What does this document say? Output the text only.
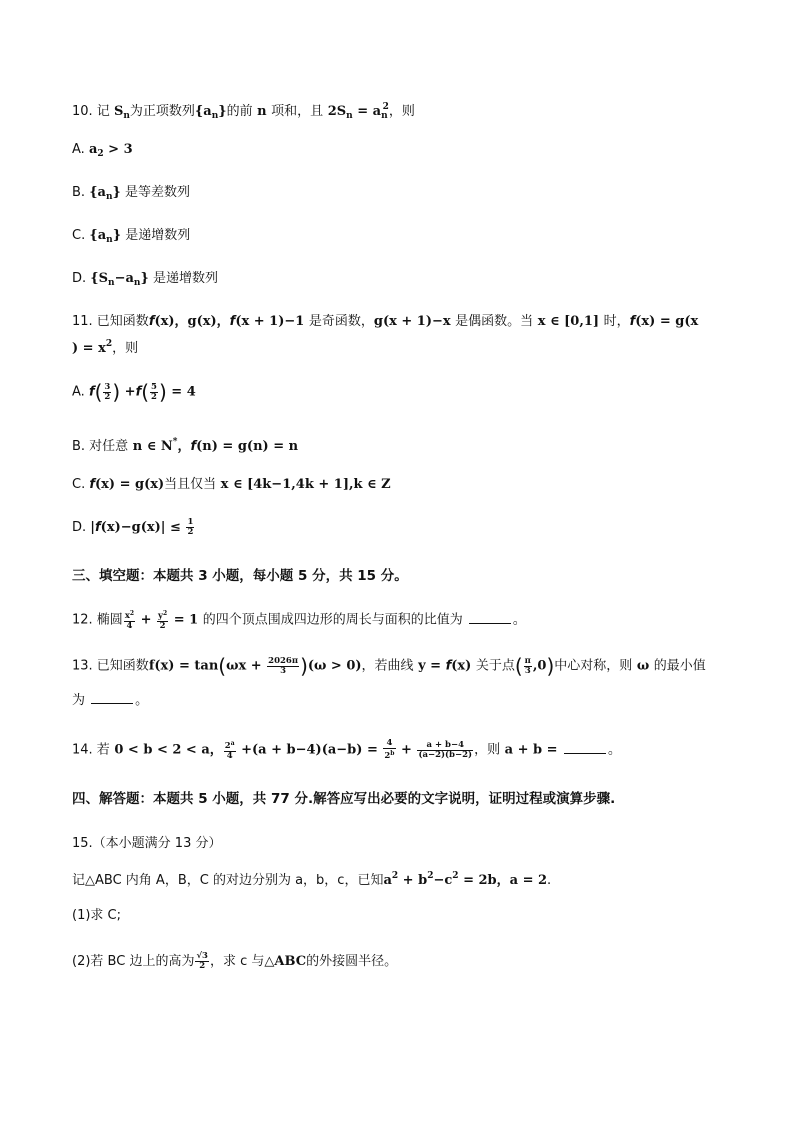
10. 记 $S_n$为正项数列$\{a_n\}$的前 n 项和，且 $2S_n = a_n^2$，则
A. $a_2 > 3$
B. $\{a_n\}$ 是等差数列
C. $\{a_n\}$ 是递增数列
D. $\{S_n-a_n\}$ 是递增数列
11. 已知函数f(x)，g(x)，f(x + 1)−1 是奇函数，g(x + 1)−x 是偶函数。当 x ∈ [0,1] 时，f(x) = g(x
) = $x^2$，则
A. $f( \frac{3}{2}$ ) $+f( \frac{5}{2}$ ) = 4
B. 对任意 n ∈ N*，f(n) = g(n) = n
C. f(x) = g(x)当且仅当 x ∈ [4k−1,4k + 1],k ∈ Z
D. $|f(x)-g(x)| \le \frac{1}{2}$
三、填空题：本题共 3 小题，每小题 5 分，共 15 分。
12. 椭圆 $\frac{x^2}{4} + \frac{y^2}{2} = 1$ 的四个顶点围成四边形的周长与面积的比值为	。
13. 已知函数$f(x) = \tan(\omega x + \frac{2026\pi}{3} )(\omega > 0)$，若曲线 y = f(x) 关于点( $\frac{\pi}{3} ,0$)中心对称，则 ω 的最小值
为	。
14. 若 0 < b < 2 < a， $\frac{2^a}{4} +(a + b-4)(a-b) = \frac{4}{2^b} + \frac{a + b-4}{(a-2)(b-2)}$ ，则 a + b =	。
四、解答题：本题共 5 小题，共 77 分.解答应写出必要的文字说明，证明过程或演算步骤.
15.（本小题满分 13 分）
记△ABC 内角 A，B，C 的对边分别为 a，b，c，已知$a^2 + b^2-c^2 = 2b$，a = 2.
(1)求 C;
(2)若 BC 边上的高为 $\frac{√3}{2}$ ，求 c 与△ABC的外接圆半径。
